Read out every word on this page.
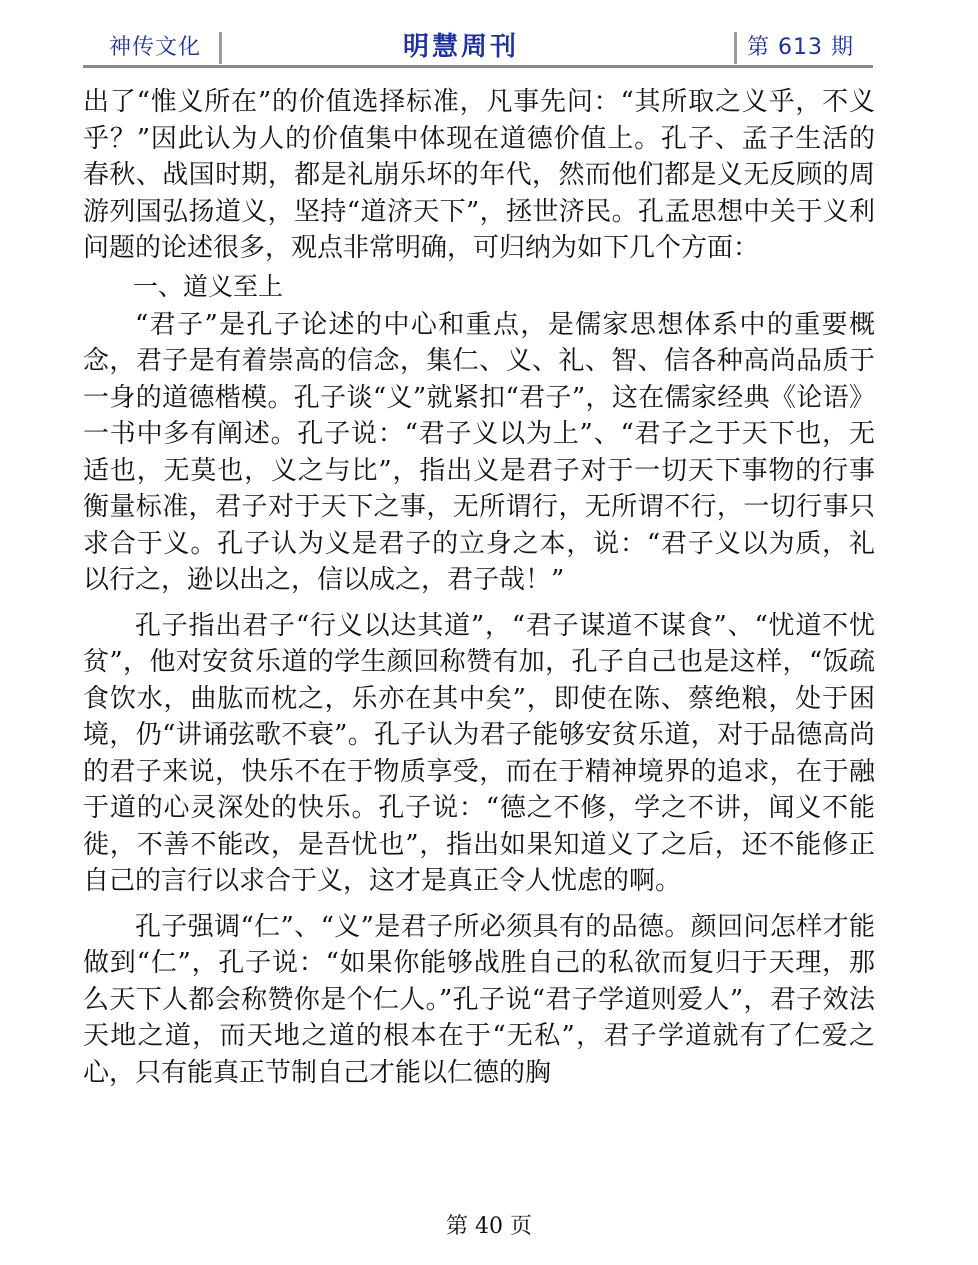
神传文化	明慧周刊	第 613 期

出了“惟义所在”的价值选择标准，凡事先问：“其所取之义乎，不义乎？”因此认为人的价值集中体现在道德价值上。孔子、孟子生活的春秋、战国时期，都是礼崩乐坏的年代，然而他们都是义无反顾的周游列国弘扬道义，坚持“道济天下”，拯世济民。孔孟思想中关于义利问题的论述很多，观点非常明确，可归纳为如下几个方面：

一、道义至上

“君子”是孔子论述的中心和重点，是儒家思想体系中的重要概念，君子是有着崇高的信念，集仁、义、礼、智、信各种高尚品质于一身的道德楷模。孔子谈“义”就紧扣“君子”，这在儒家经典《论语》一书中多有阐述。孔子说：“君子义以为上”、“君子之于天下也，无适也，无莫也，义之与比”，指出义是君子对于一切天下事物的行事衡量标准，君子对于天下之事，无所谓行，无所谓不行，一切行事只求合于义。孔子认为义是君子的立身之本，说：“君子义以为质，礼以行之，逊以出之，信以成之，君子哉！”

孔子指出君子“行义以达其道”，“君子谋道不谋食”、“忧道不忧贫”，他对安贫乐道的学生颜回称赞有加，孔子自己也是这样，“饭疏食饮水，曲肱而枕之，乐亦在其中矣”，即使在陈、蔡绝粮，处于困境，仍“讲诵弦歌不衰”。孔子认为君子能够安贫乐道，对于品德高尚的君子来说，快乐不在于物质享受，而在于精神境界的追求，在于融于道的心灵深处的快乐。孔子说：“德之不修，学之不讲，闻义不能徙，不善不能改，是吾忧也”，指出如果知道义了之后，还不能修正自己的言行以求合于义，这才是真正令人忧虑的啊。

孔子强调“仁”、“义”是君子所必须具有的品德。颜回问怎样才能做到“仁”，孔子说：“如果你能够战胜自己的私欲而复归于天理，那么天下人都会称赞你是个仁人。”孔子说“君子学道则爱人”，君子效法天地之道，而天地之道的根本在于“无私”，君子学道就有了仁爱之心，只有能真正节制自己才能以仁德的胸

第 40 页
